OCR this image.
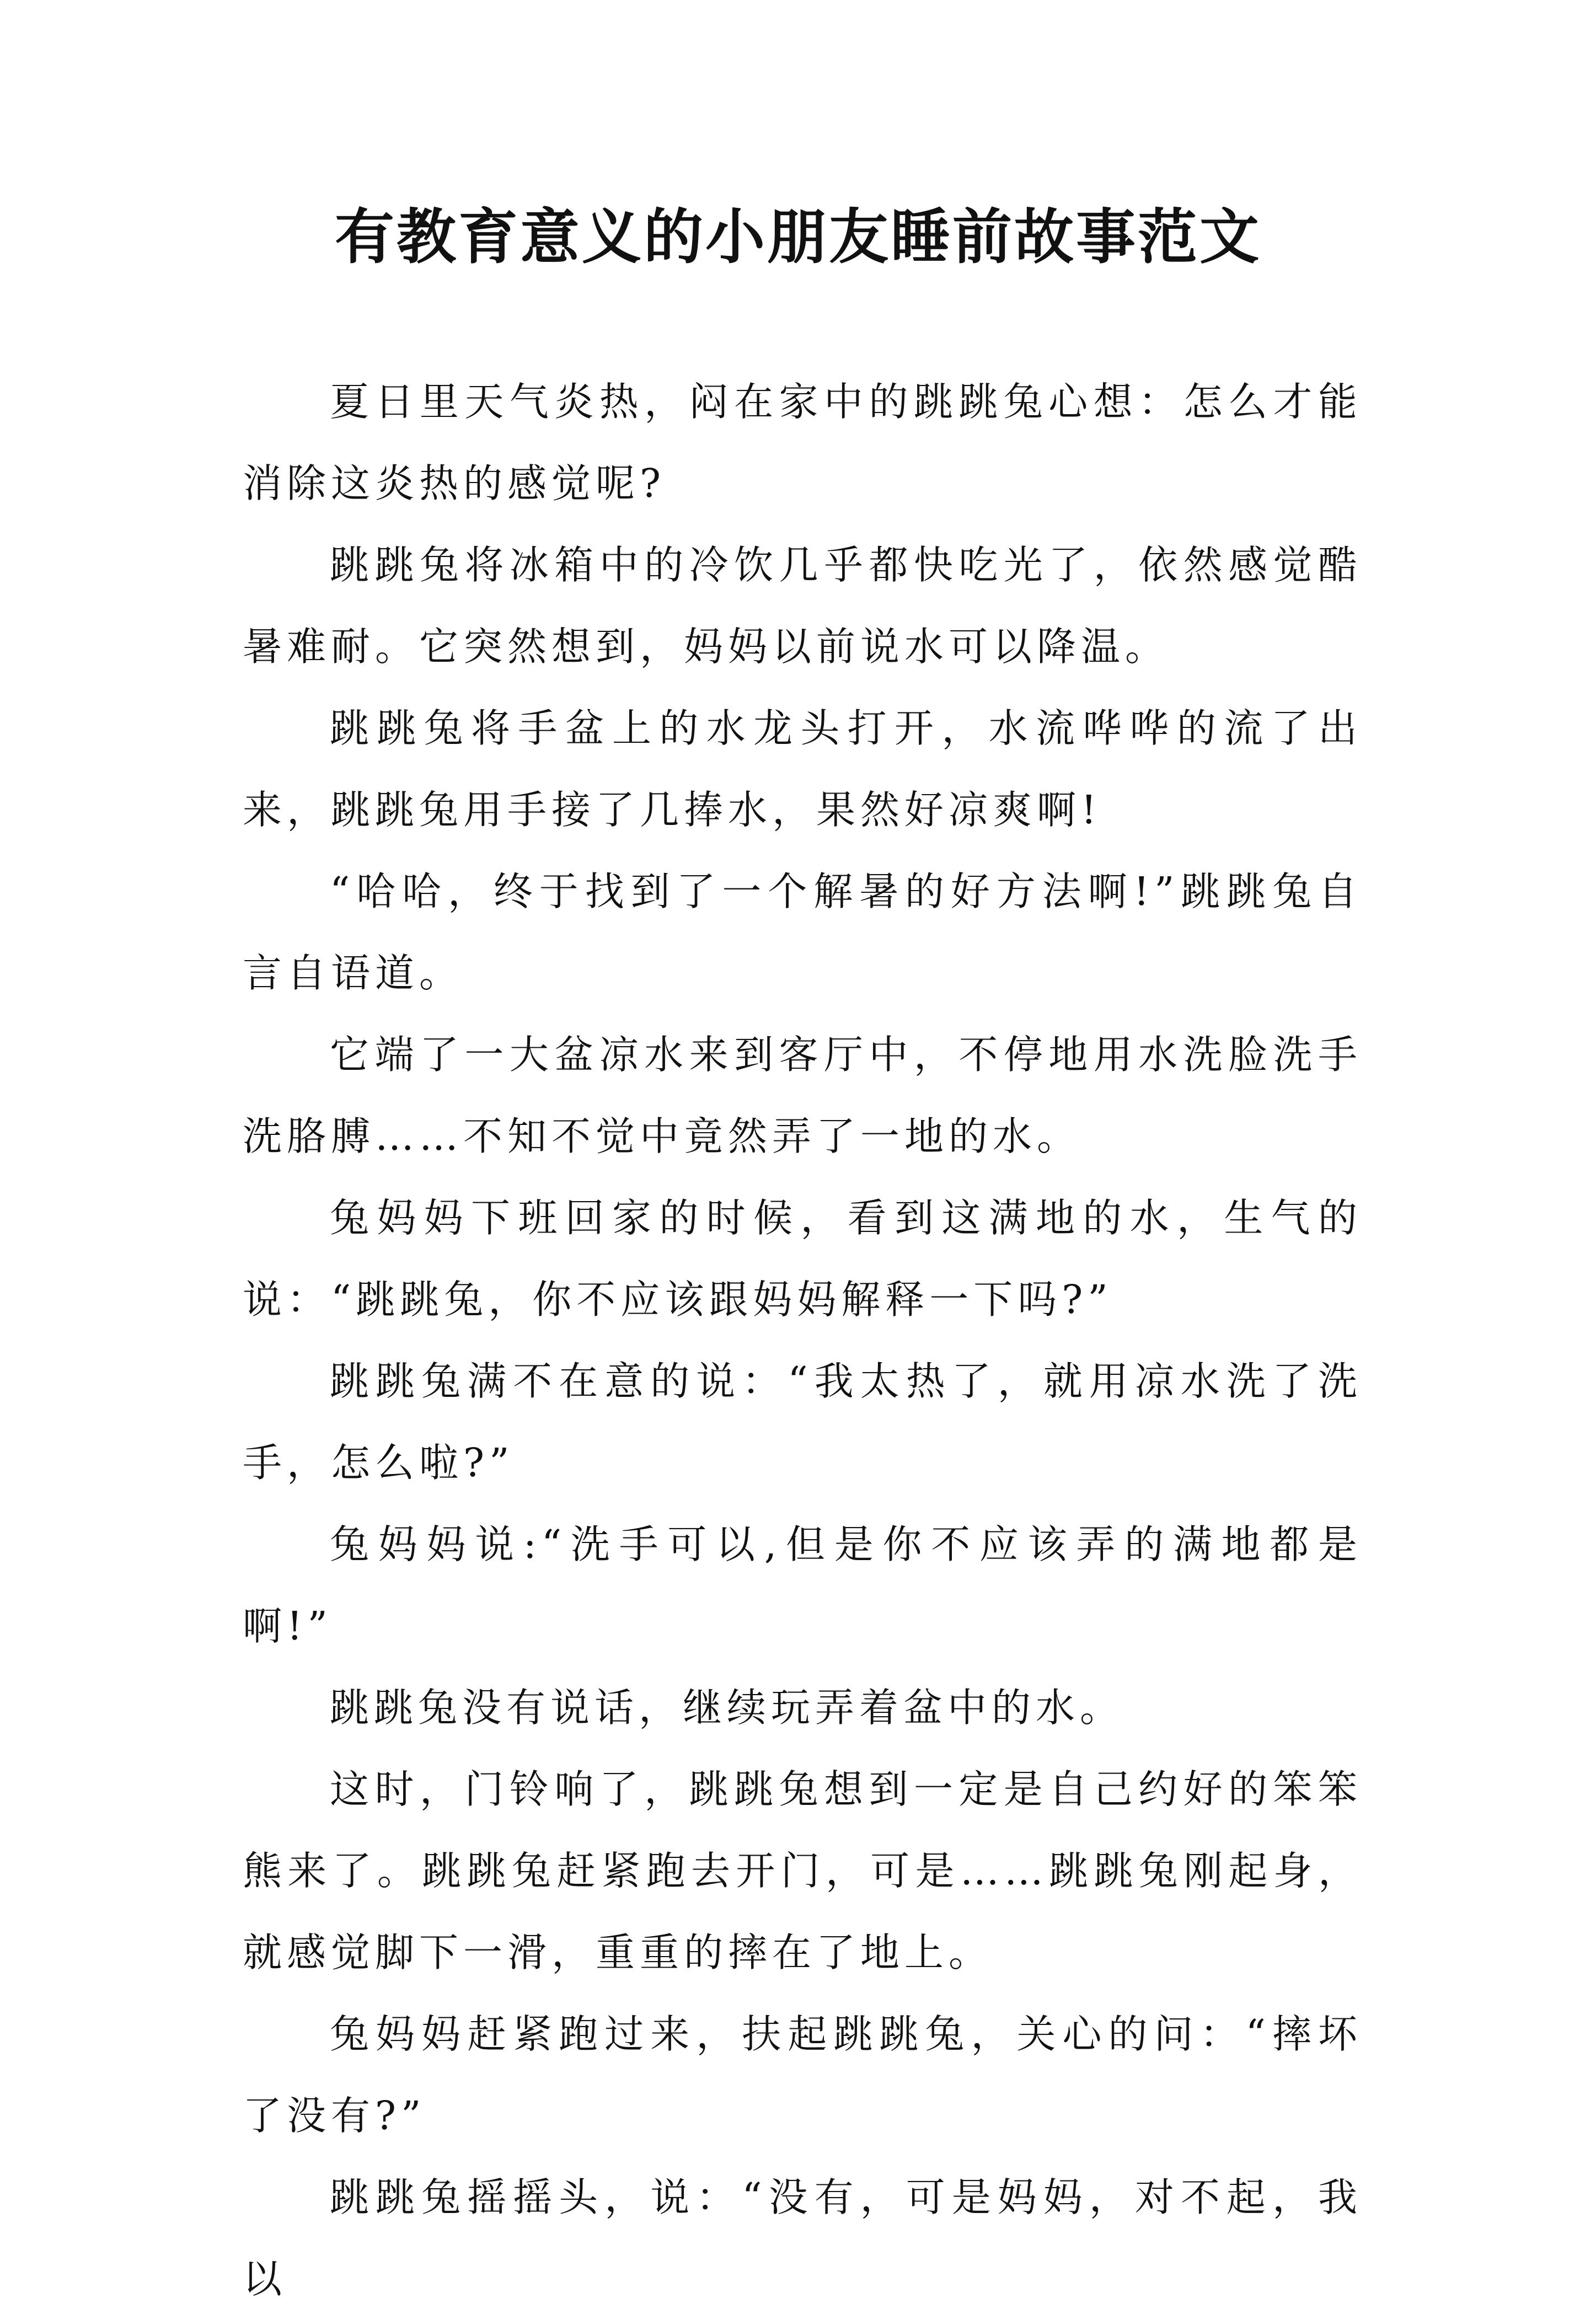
有教育意义的小朋友睡前故事范文

夏日里天气炎热，闷在家中的跳跳兔心想：怎么才能消除这炎热的感觉呢?

跳跳兔将冰箱中的冷饮几乎都快吃光了，依然感觉酷暑难耐。它突然想到，妈妈以前说水可以降温。

跳跳兔将手盆上的水龙头打开，水流哗哗的流了出来，跳跳兔用手接了几捧水，果然好凉爽啊!

“哈哈，终于找到了一个解暑的好方法啊!”跳跳兔自言自语道。

它端了一大盆凉水来到客厅中，不停地用水洗脸洗手洗胳膊……不知不觉中竟然弄了一地的水。

兔妈妈下班回家的时候，看到这满地的水，生气的说：“跳跳兔，你不应该跟妈妈解释一下吗?”

跳跳兔满不在意的说：“我太热了，就用凉水洗了洗手，怎么啦?”

兔妈妈说:“洗手可以,但是你不应该弄的满地都是啊!”

跳跳兔没有说话，继续玩弄着盆中的水。

这时，门铃响了，跳跳兔想到一定是自己约好的笨笨熊来了。跳跳兔赶紧跑去开门，可是……跳跳兔刚起身，就感觉脚下一滑，重重的摔在了地上。

兔妈妈赶紧跑过来，扶起跳跳兔，关心的问：“摔坏了没有?”

跳跳兔摇摇头，说：“没有，可是妈妈，对不起，我以
